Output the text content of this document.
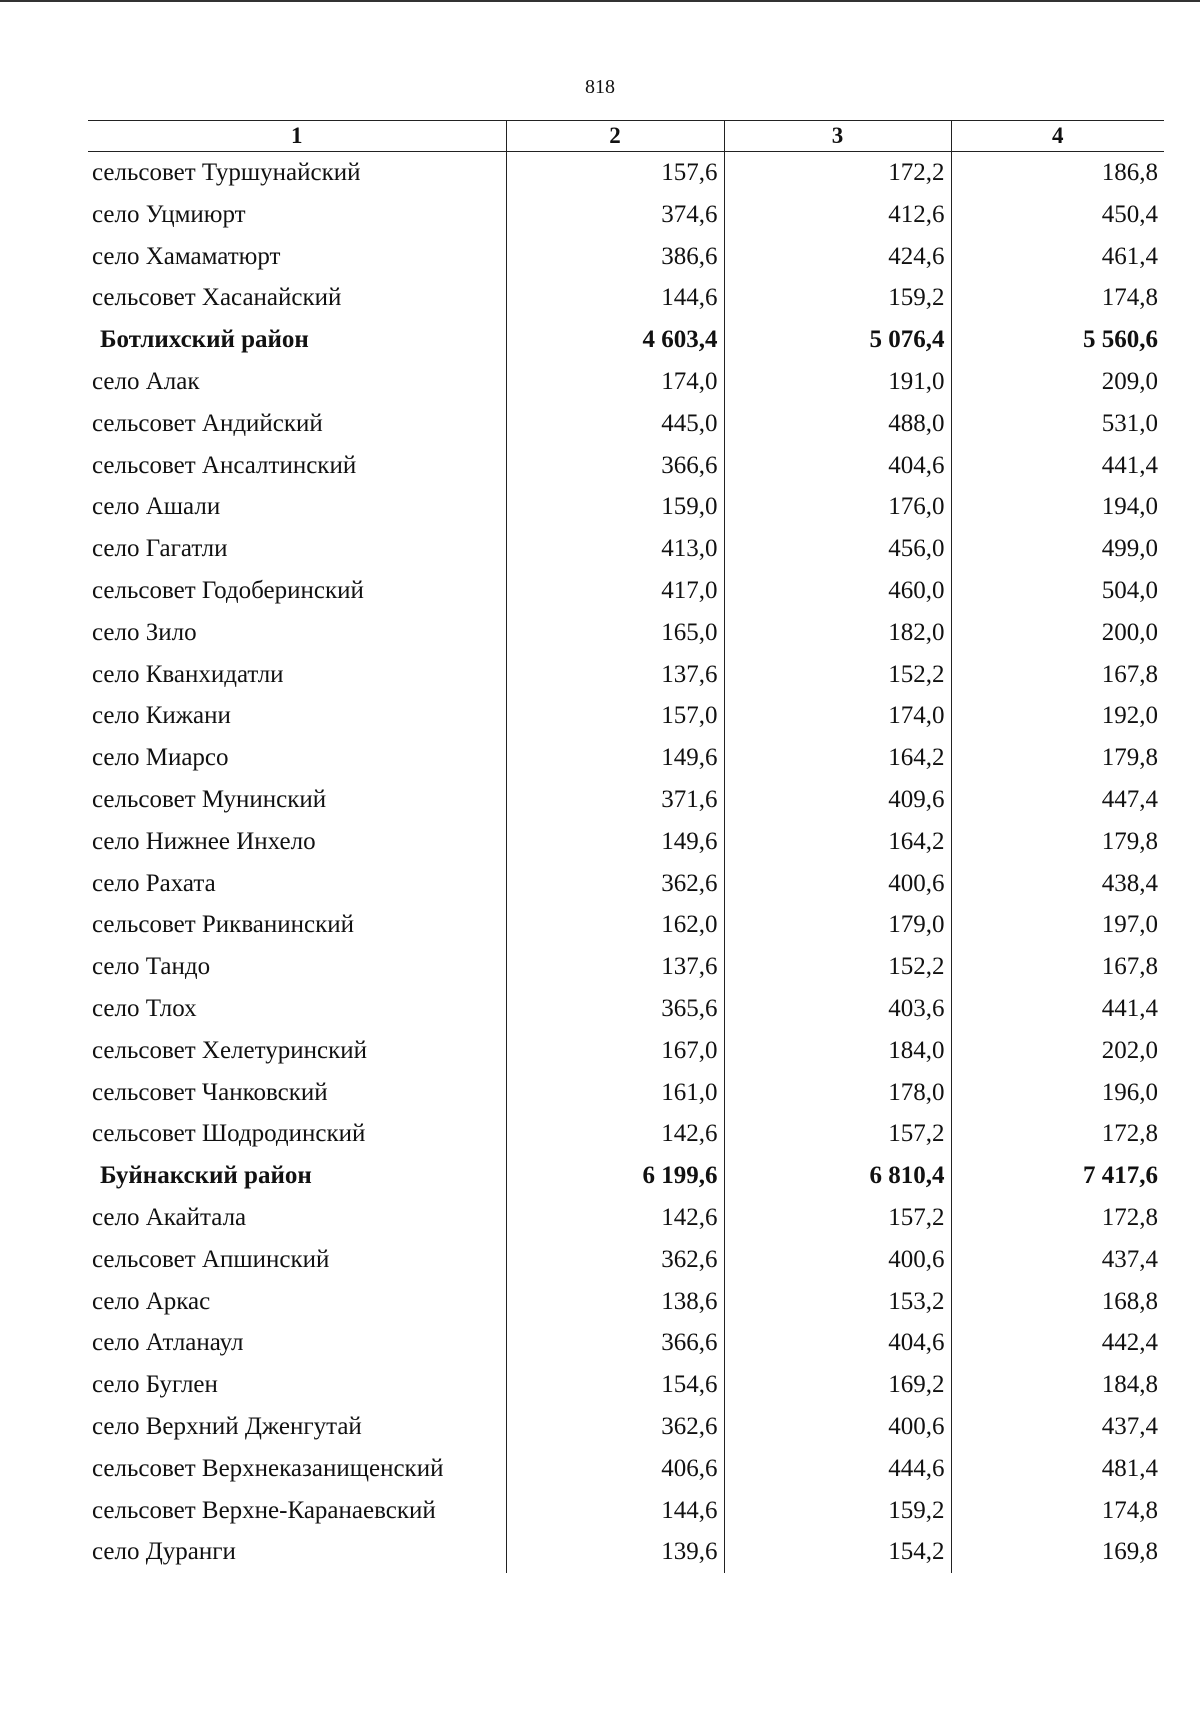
818
1	2	3	4
сельсовет Туршунайский	157,6	172,2	186,8
село Уцмиюрт	374,6	412,6	450,4
село Хамаматюрт	386,6	424,6	461,4
сельсовет Хасанайский	144,6	159,2	174,8
Ботлихский район	4 603,4	5 076,4	5 560,6
село Алак	174,0	191,0	209,0
сельсовет Андийский	445,0	488,0	531,0
сельсовет Ансалтинский	366,6	404,6	441,4
село Ашали	159,0	176,0	194,0
село Гагатли	413,0	456,0	499,0
сельсовет Годоберинский	417,0	460,0	504,0
село Зило	165,0	182,0	200,0
село Кванхидатли	137,6	152,2	167,8
село Кижани	157,0	174,0	192,0
село Миарсо	149,6	164,2	179,8
сельсовет Мунинский	371,6	409,6	447,4
село Нижнее Инхело	149,6	164,2	179,8
село Рахата	362,6	400,6	438,4
сельсовет Рикванинский	162,0	179,0	197,0
село Тандо	137,6	152,2	167,8
село Тлох	365,6	403,6	441,4
сельсовет Хелетуринский	167,0	184,0	202,0
сельсовет Чанковский	161,0	178,0	196,0
сельсовет Шодродинский	142,6	157,2	172,8
Буйнакский район	6 199,6	6 810,4	7 417,6
село Акайтала	142,6	157,2	172,8
сельсовет Апшинский	362,6	400,6	437,4
село Аркас	138,6	153,2	168,8
село Атланаул	366,6	404,6	442,4
село Буглен	154,6	169,2	184,8
село Верхний Дженгутай	362,6	400,6	437,4
сельсовет Верхнеказанищенский	406,6	444,6	481,4
сельсовет Верхне-Каранаевский	144,6	159,2	174,8
село Дуранги	139,6	154,2	169,8
